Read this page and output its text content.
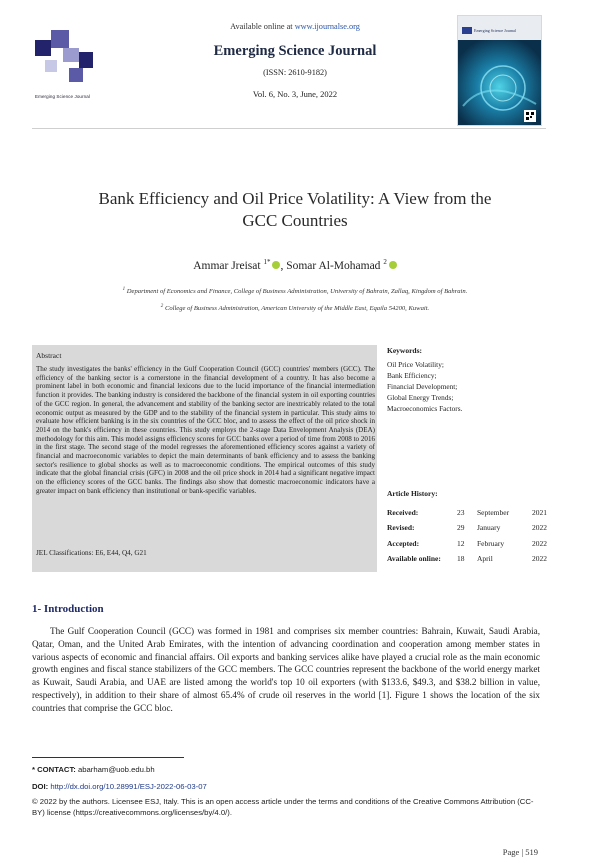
Emerging Science Journal
Available online at www.ijournalse.org
Emerging Science Journal
(ISSN: 2610-9182)
Vol. 6, No. 3, June, 2022
Emerging Science Journal
Bank Efficiency and Oil Price Volatility: A View from the
GCC Countries
Ammar Jreisat $^{1*}$ , Somar Al-Mohamad $^2$
$^1$ Department of Economics and Finance, College of Business Administration, University of Bahrain, Zallaq, Kingdom of Bahrain.
$^2$ College of Business Administration, American University of the Middle East, Eqaila 54200, Kuwait.
Abstract
The study investigates the banks' efficiency in the Gulf Cooperation Council (GCC) countries' members (GCC). The efficiency of the banking sector is a cornerstone in the financial development of a country. It has also become a prominent label in both economic and financial lexicons due to the lucid importance of the financial intermediation function it provides. The banking industry is considered the backbone of the financial system in oil exporting countries of the GCC region. In general, the advancement and stability of the banking sector are inextricably related to the total economic output as measured by the GDP and to the stability of the financial system in particular. This study aims to evaluate how efficient banking is in the six countries of the GCC bloc, and to assess the effect of the oil price shock in 2014 on the bank's efficiency in these countries. This study employs the 2-stage Data Envelopment Analysis (DEA) methodology for this aim. This model assigns efficiency scores for GCC banks over a period of time from 2008 to 2016 in the first stage. The second stage of the model regresses the aforementioned efficiency scores against a variety of financial and macroeconomic variables to depict the main determinants of bank efficiency and to assess the banking sector's resilience to global shocks as well as to macroeconomic conditions. The empirical outcomes of this study indicate that the global financial crisis (GFC) in 2008 and the oil price shock in 2014 had a significant negative impact on the efficiency scores of the GCC banks. The findings also show that domestic macroeconomic indicators have a greater impact on bank efficiency than institutional or bank-specific variables.
JEL Classifications: E6, E44, Q4, G21
Keywords:
Oil Price Volatility;
Bank Efficiency;
Financial Development;
Global Energy Trends;
Macroeconomics Factors.
Article History:
Received:	23 September	2021
Revised:	29 January	2022
Accepted:	12 February	2022
Available online: 18 April	2022
1- Introduction
The Gulf Cooperation Council (GCC) was formed in 1981 and comprises six member countries: Bahrain, Kuwait, Saudi Arabia, Qatar, Oman, and the United Arab Emirates, with the intention of advancing coordination and cooperation among member states in various aspects of economic and financial affairs. Oil exports and banking services alike have played a crucial role as the main economic growth engines and fiscal stance stabilizers of the GCC members. The GCC countries represent the backbone of the world energy market as Kuwait, Saudi Arabia, and UAE are listed among the world's top 10 oil exporters (with $133.6, $49.3, and $38.2 billion in value, respectively), in addition to their share of almost 65.4% of crude oil reserves in the world [1]. Figure 1 shows the location of the six countries that comprise the GCC bloc.
* CONTACT: abarham@uob.edu.bh
DOI: http://dx.doi.org/10.28991/ESJ-2022-06-03-07
© 2022 by the authors. Licensee ESJ, Italy. This is an open access article under the terms and conditions of the Creative Commons Attribution (CC-BY) license (https://creativecommons.org/licenses/by/4.0/).
Page | 519
